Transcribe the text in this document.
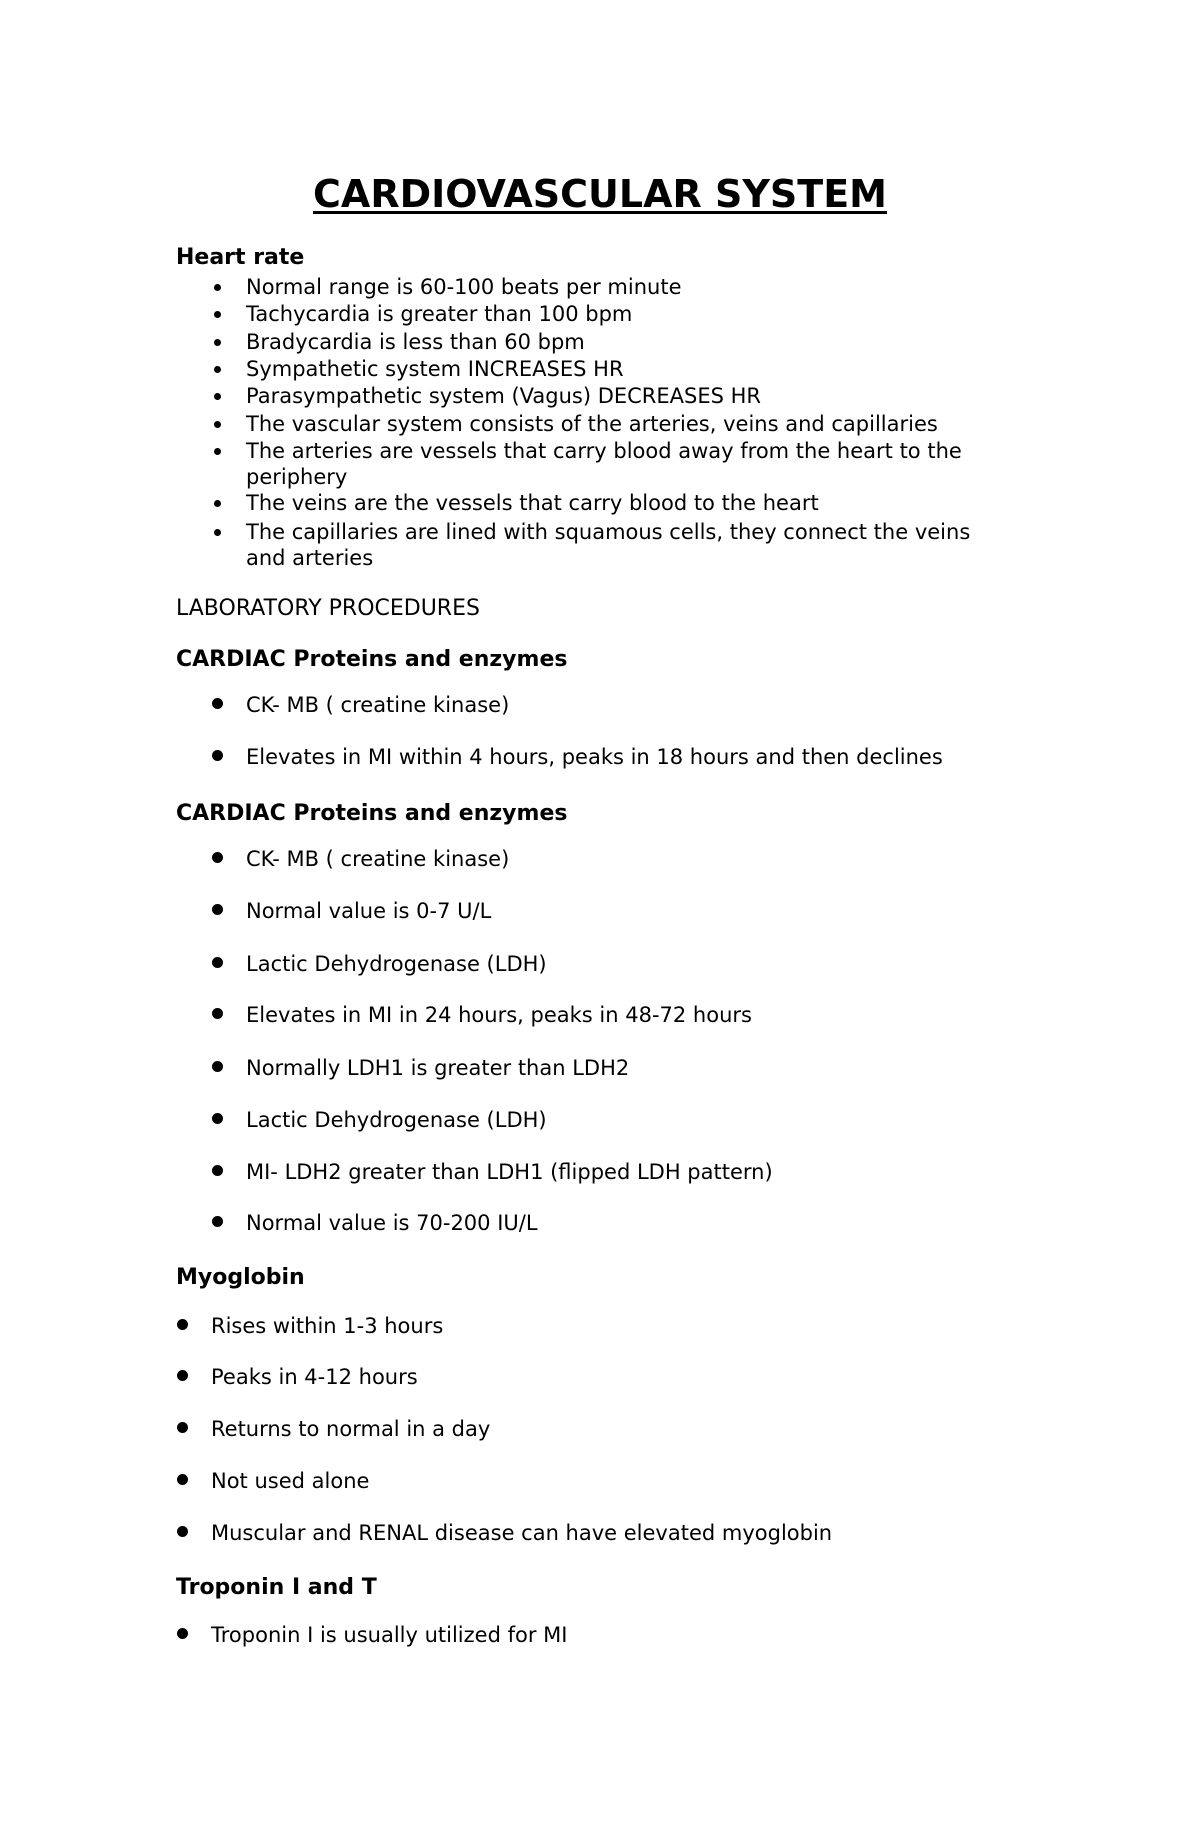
CARDIOVASCULAR SYSTEM
Heart rate
Normal range is 60-100 beats per minute
Tachycardia is greater than 100 bpm
Bradycardia is less than 60 bpm
Sympathetic system INCREASES HR
Parasympathetic system (Vagus) DECREASES HR
The vascular system consists of the arteries, veins and capillaries
The arteries are vessels that carry blood away from the heart to the periphery
The veins are the vessels that carry blood to the heart
The capillaries are lined with squamous cells, they connect the veins and arteries
LABORATORY PROCEDURES
CARDIAC Proteins and enzymes
CK- MB ( creatine kinase)
Elevates in MI within 4 hours, peaks in 18 hours and then declines
CARDIAC Proteins and enzymes
CK- MB ( creatine kinase)
Normal value is 0-7 U/L
Lactic Dehydrogenase (LDH)
Elevates in MI in 24 hours, peaks in 48-72 hours
Normally LDH1 is greater than LDH2
Lactic Dehydrogenase (LDH)
MI- LDH2 greater than LDH1 (flipped LDH pattern)
Normal value is 70-200 IU/L
Myoglobin
Rises within 1-3 hours
Peaks in 4-12 hours
Returns to normal in a day
Not used alone
Muscular and RENAL disease can have elevated myoglobin
Troponin I and T
Troponin I is usually utilized for MI
